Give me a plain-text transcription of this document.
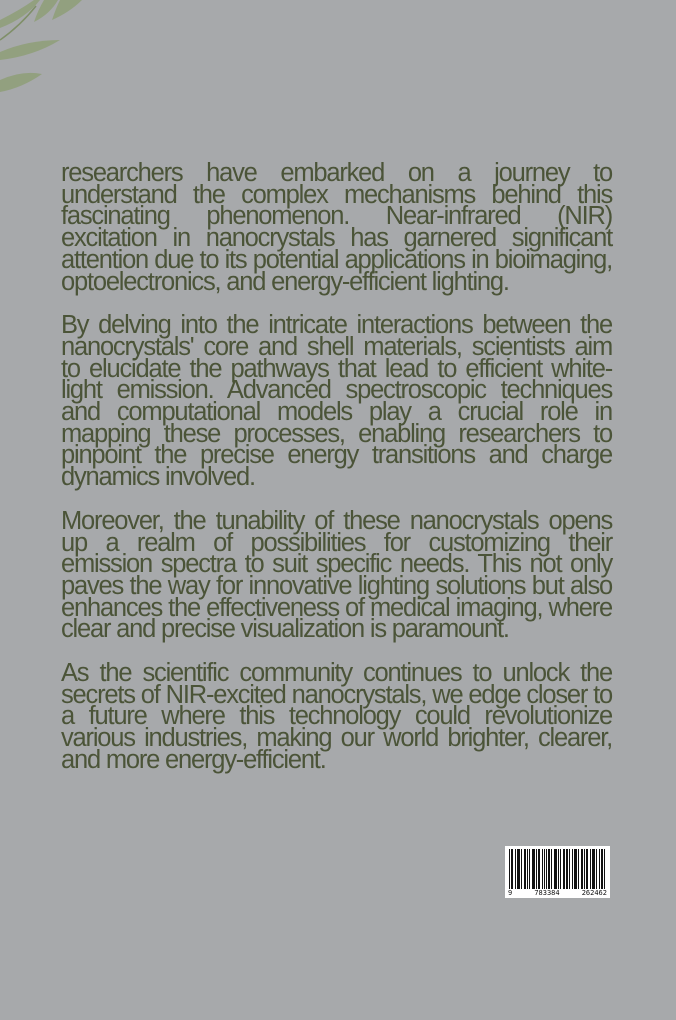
researchers have embarked on a journey to understand the complex mechanisms behind this fascinating phenomenon. Near-infrared (NIR) excitation in nanocrystals has garnered significant attention due to its potential applications in bioimaging, optoelectronics, and energy-efficient lighting.

By delving into the intricate interactions between the nanocrystals' core and shell materials, scientists aim to elucidate the pathways that lead to efficient white-light emission. Advanced spectroscopic techniques and computational models play a crucial role in mapping these processes, enabling researchers to pinpoint the precise energy transitions and charge dynamics involved.

Moreover, the tunability of these nanocrystals opens up a realm of possibilities for customizing their emission spectra to suit specific needs. This not only paves the way for innovative lighting solutions but also enhances the effectiveness of medical imaging, where clear and precise visualization is paramount.

As the scientific community continues to unlock the secrets of NIR-excited nanocrystals, we edge closer to a future where this technology could revolutionize various industries, making our world brighter, clearer, and more energy-efficient.

9	783384	262462
